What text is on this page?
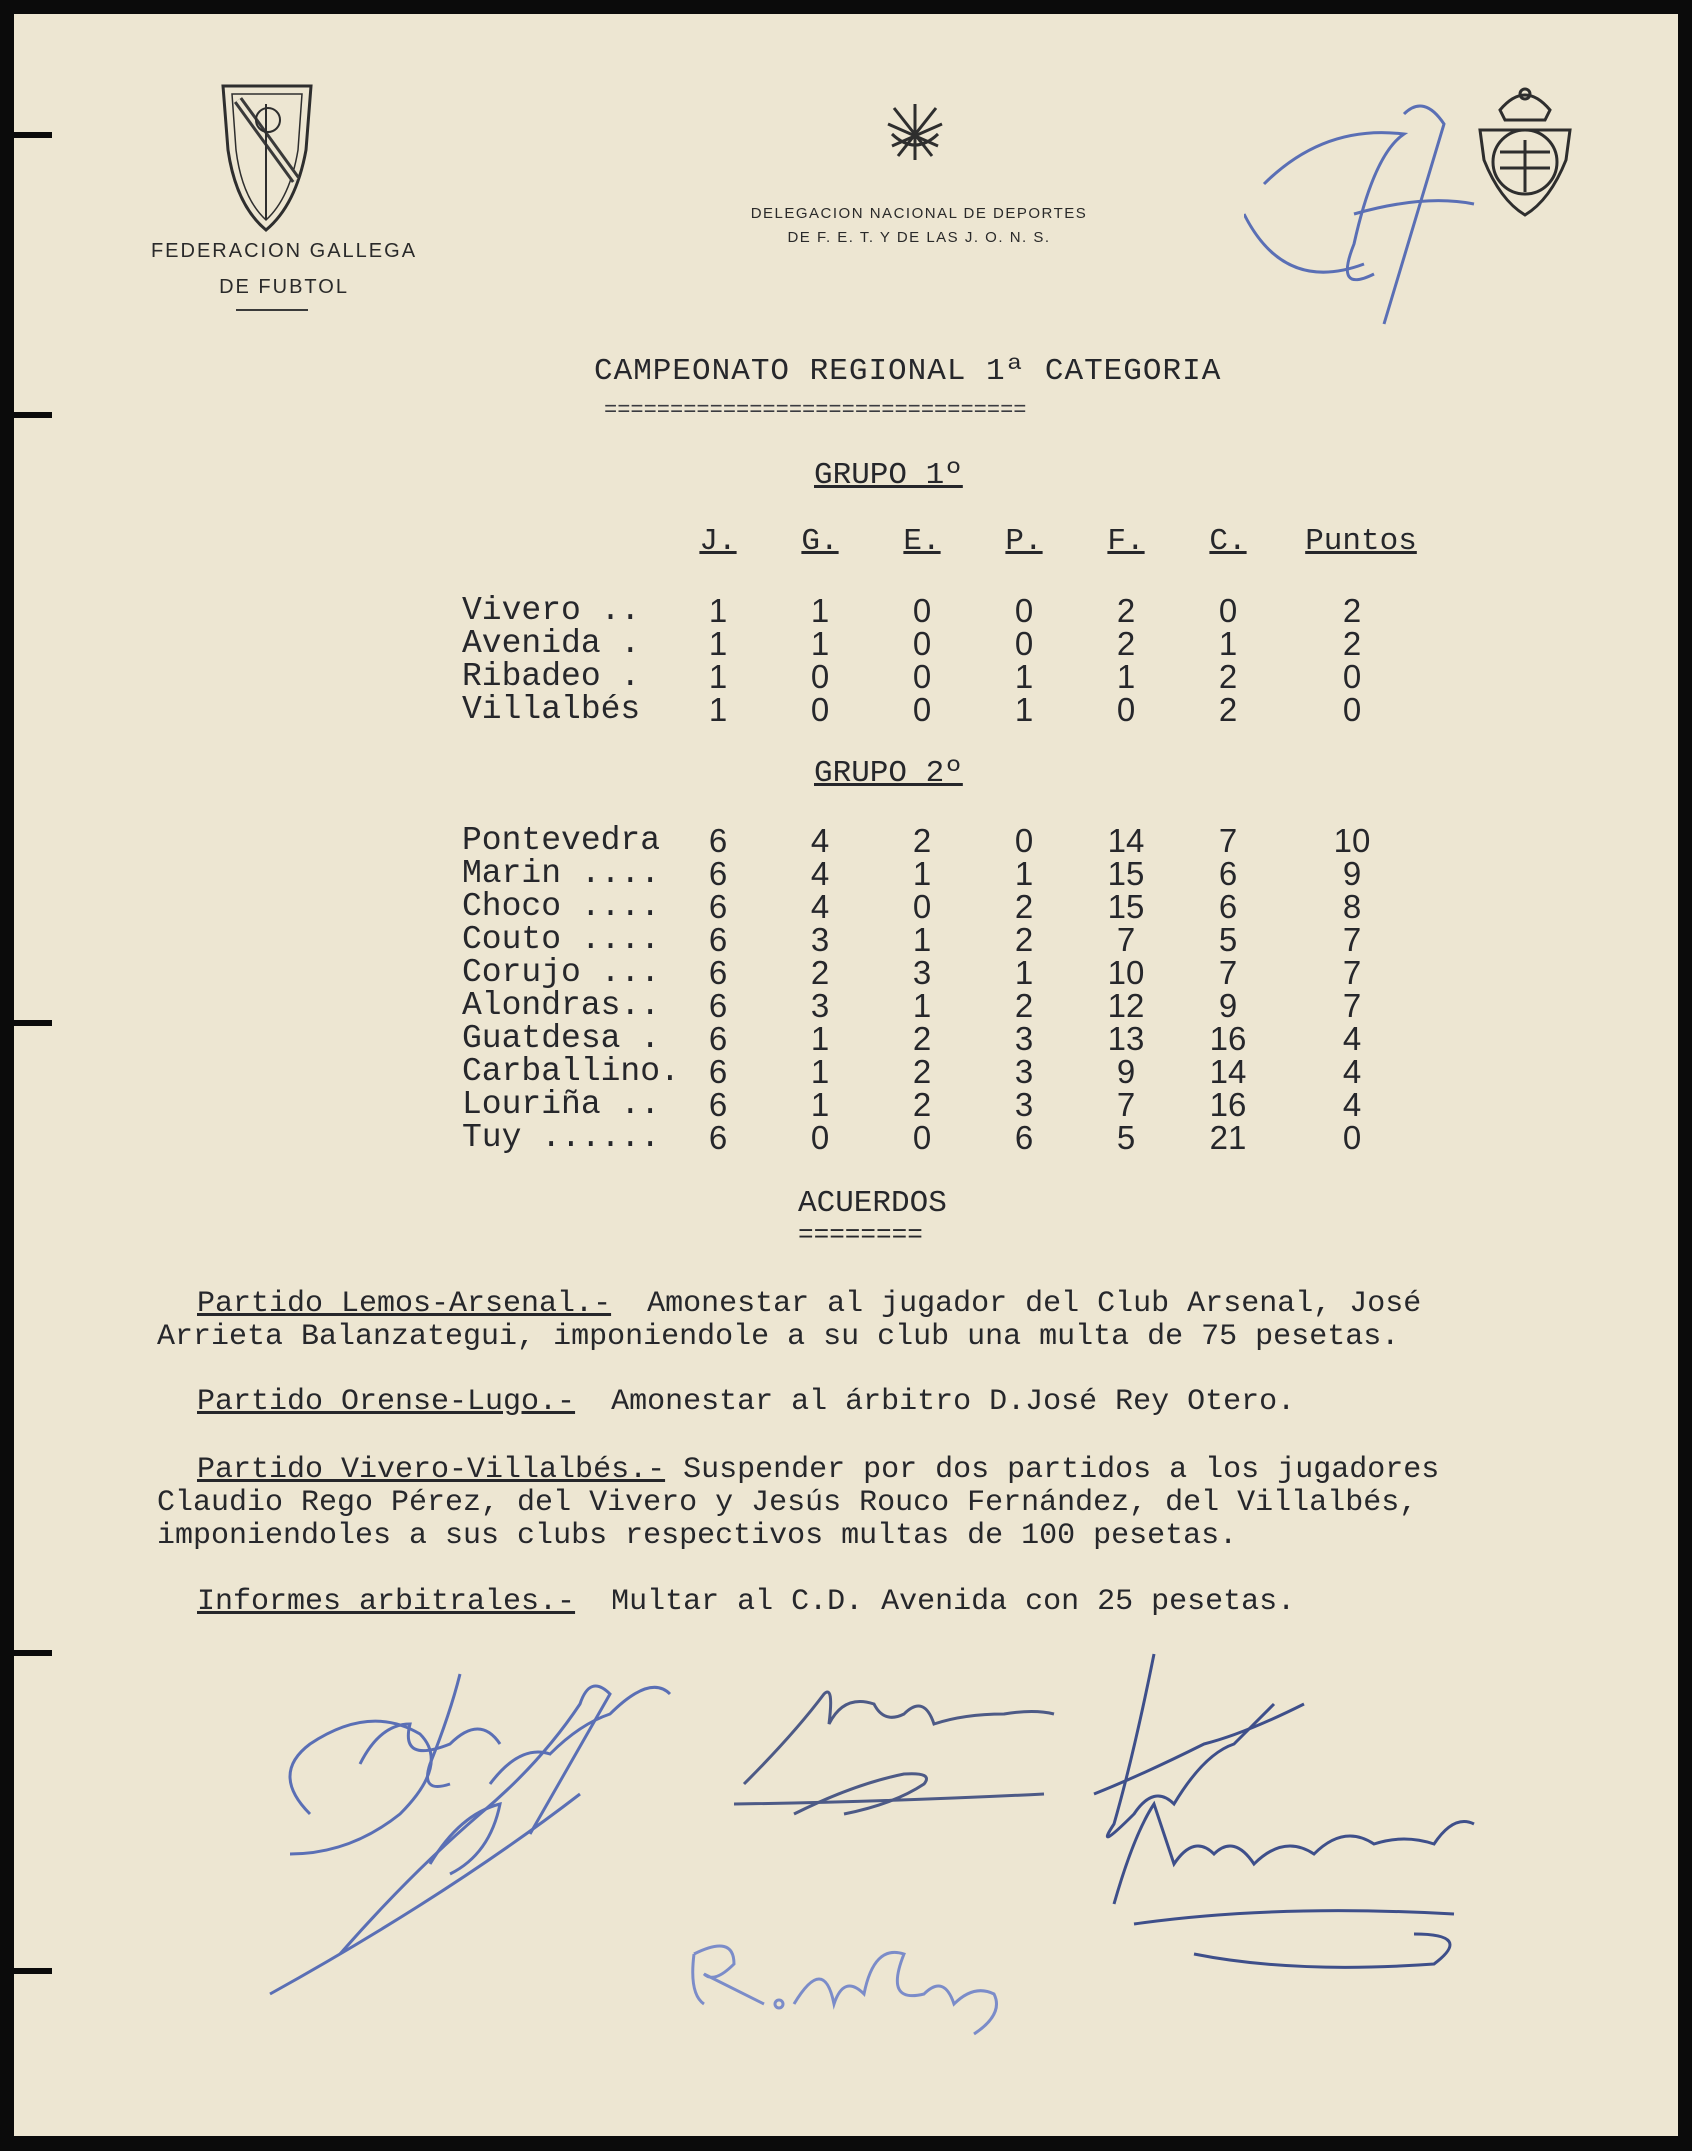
FEDERACION GALLEGA
DE FUBTOL
DELEGACION NACIONAL DE DEPORTES
DE F. E. T. Y DE LAS J. O. N. S.
CAMPEONATO REGIONAL 1ª CATEGORIA
================================
GRUPO 1º
J.	G.	E.	P.	F.	C.	Puntos
Vivero ..	1	1	0	0	2	0	2
Avenida .	1	1	0	0	2	1	2
Ribadeo .	1	0	0	1	1	2	0
Villalbés	1	0	0	1	0	2	0
GRUPO 2º
Pontevedra	6	4	2	0	14	7	10
Marin ....	6	4	1	1	15	6	9
Choco ....	6	4	0	2	15	6	8
Couto ....	6	3	1	2	7	5	7
Corujo ...	6	2	3	1	10	7	7
Alondras..	6	3	1	2	12	9	7
Guatdesa .	6	1	2	3	13	16	4
Carballino. 6	1	2	3	9	14	4
Louriña ..	6	1	2	3	7	16	4
Tuy ......	6	0	0	6	5	21	0
ACUERDOS
========
Partido Lemos-Arsenal.- Amonestar al jugador del Club Arsenal, José
Arrieta Balanzategui, imponiendole a su club una multa de 75 pesetas.
Partido Orense-Lugo.- Amonestar al árbitro D.José Rey Otero.
Partido Vivero-Villalbés.- Suspender por dos partidos a los jugadores
Claudio Rego Pérez, del Vivero y Jesús Rouco Fernández, del Villalbés,
imponiendoles a sus clubs respectivos multas de 100 pesetas.
Informes arbitrales.- Multar al C.D. Avenida con 25 pesetas.
